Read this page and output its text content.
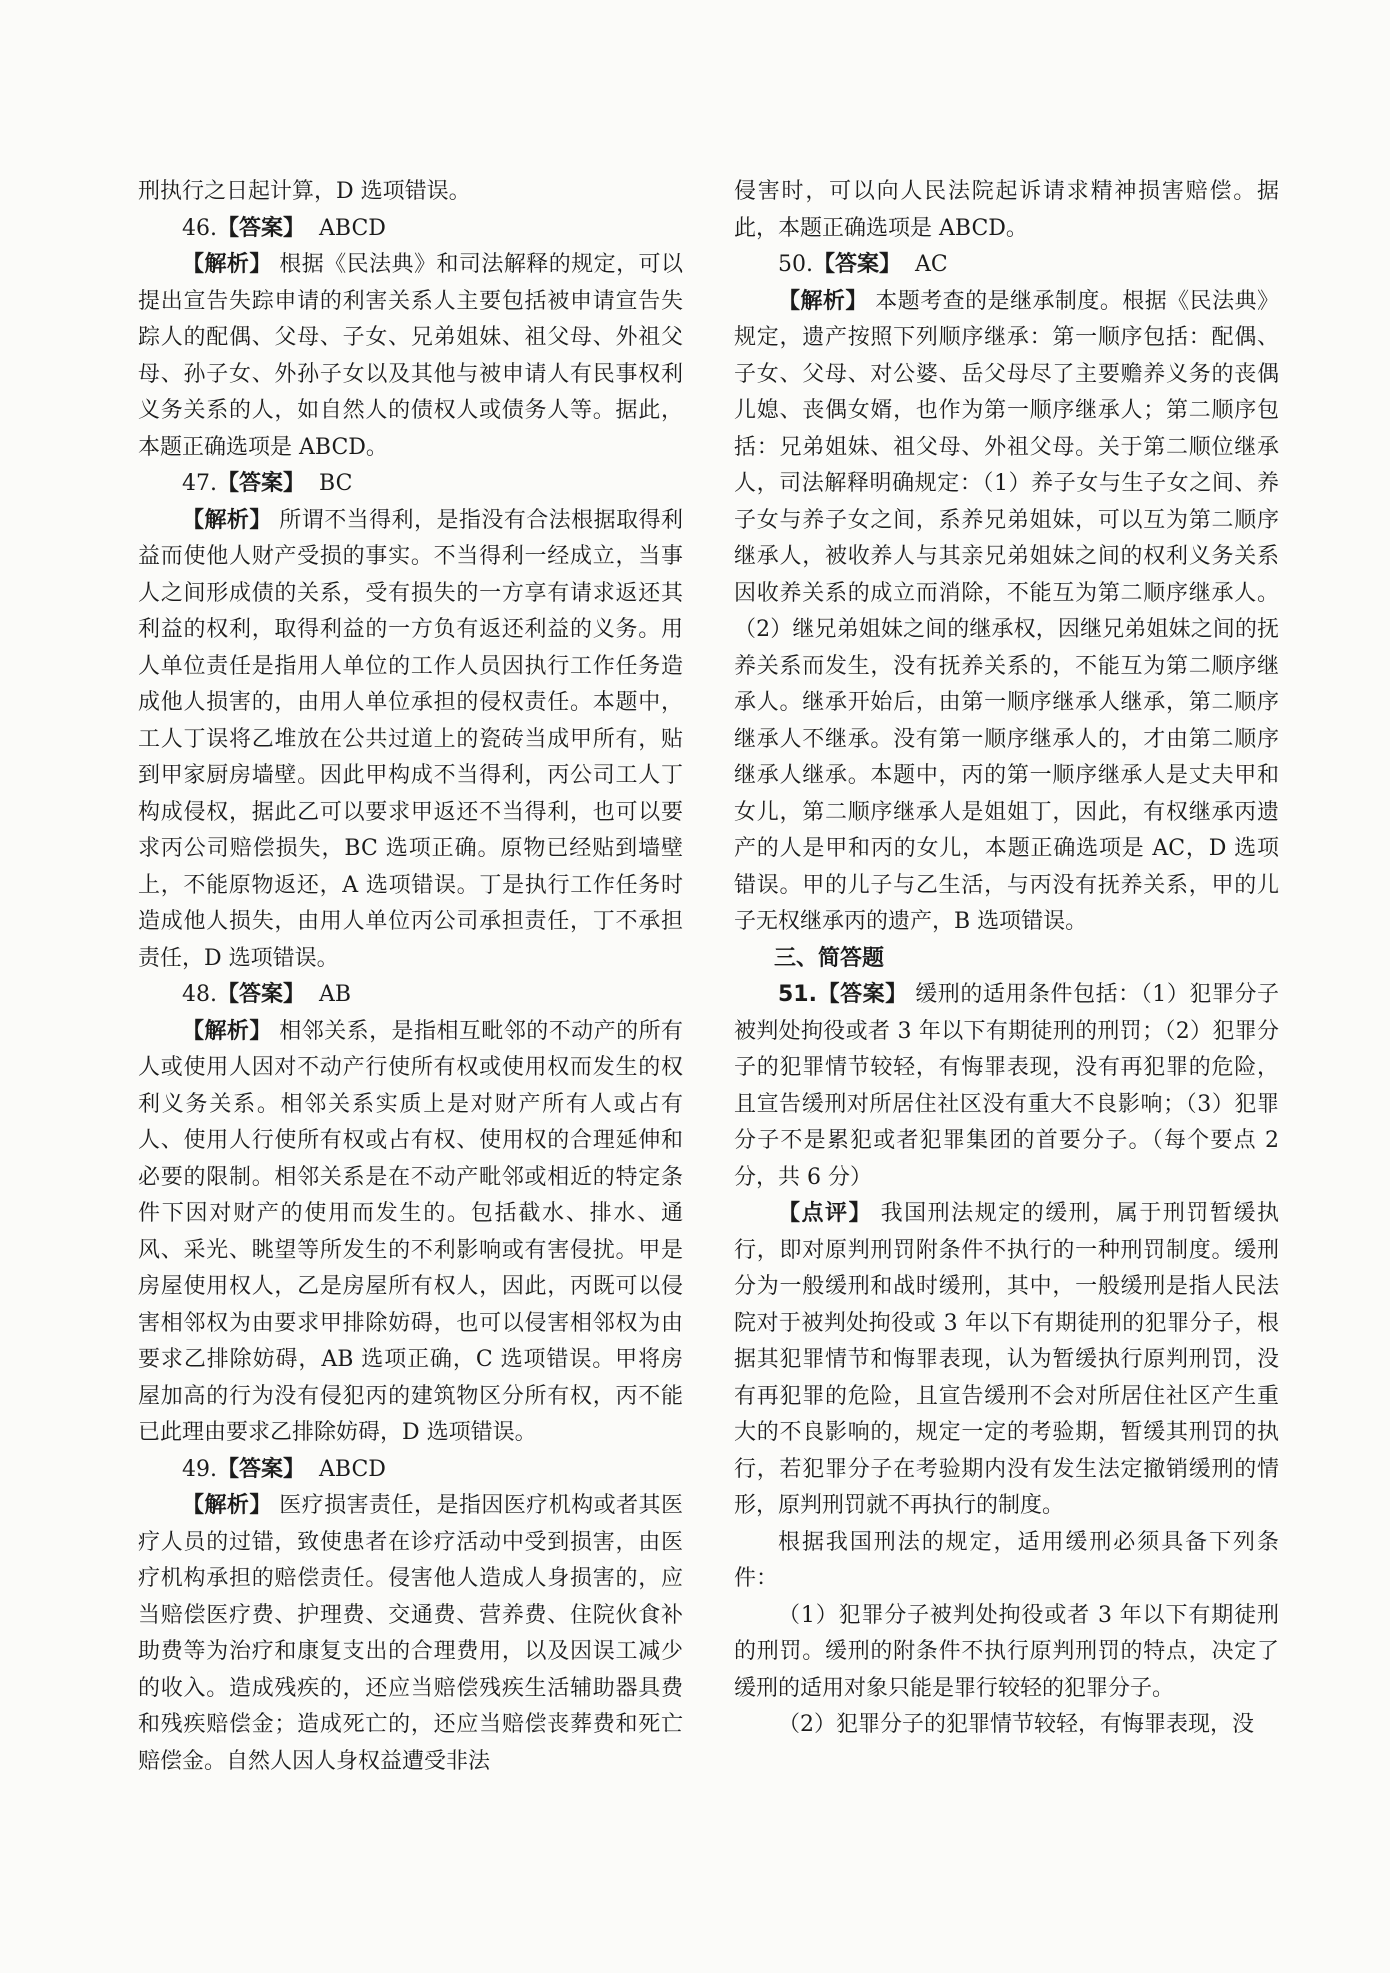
刑执行之日起计算，D 选项错误。

46.【答案】 ABCD

【解析】 根据《民法典》和司法解释的规定，可以提出宣告失踪申请的利害关系人主要包括被申请宣告失踪人的配偶、父母、子女、兄弟姐妹、祖父母、外祖父母、孙子女、外孙子女以及其他与被申请人有民事权利义务关系的人，如自然人的债权人或债务人等。据此，本题正确选项是 ABCD。

47.【答案】 BC

【解析】 所谓不当得利，是指没有合法根据取得利益而使他人财产受损的事实。不当得利一经成立，当事人之间形成债的关系，受有损失的一方享有请求返还其利益的权利，取得利益的一方负有返还利益的义务。用人单位责任是指用人单位的工作人员因执行工作任务造成他人损害的，由用人单位承担的侵权责任。本题中，工人丁误将乙堆放在公共过道上的瓷砖当成甲所有，贴到甲家厨房墙壁。因此甲构成不当得利，丙公司工人丁构成侵权，据此乙可以要求甲返还不当得利，也可以要求丙公司赔偿损失，BC 选项正确。原物已经贴到墙壁上，不能原物返还，A 选项错误。丁是执行工作任务时造成他人损失，由用人单位丙公司承担责任，丁不承担责任，D 选项错误。

48.【答案】 AB

【解析】 相邻关系，是指相互毗邻的不动产的所有人或使用人因对不动产行使所有权或使用权而发生的权利义务关系。相邻关系实质上是对财产所有人或占有人、使用人行使所有权或占有权、使用权的合理延伸和必要的限制。相邻关系是在不动产毗邻或相近的特定条件下因对财产的使用而发生的。包括截水、排水、通风、采光、眺望等所发生的不利影响或有害侵扰。甲是房屋使用权人，乙是房屋所有权人，因此，丙既可以侵害相邻权为由要求甲排除妨碍，也可以侵害相邻权为由要求乙排除妨碍，AB 选项正确，C 选项错误。甲将房屋加高的行为没有侵犯丙的建筑物区分所有权，丙不能已此理由要求乙排除妨碍，D 选项错误。

49.【答案】 ABCD

【解析】 医疗损害责任，是指因医疗机构或者其医疗人员的过错，致使患者在诊疗活动中受到损害，由医疗机构承担的赔偿责任。侵害他人造成人身损害的，应当赔偿医疗费、护理费、交通费、营养费、住院伙食补助费等为治疗和康复支出的合理费用，以及因误工减少的收入。造成残疾的，还应当赔偿残疾生活辅助器具费和残疾赔偿金；造成死亡的，还应当赔偿丧葬费和死亡赔偿金。自然人因人身权益遭受非法

侵害时，可以向人民法院起诉请求精神损害赔偿。据此，本题正确选项是 ABCD。

50.【答案】 AC

【解析】 本题考查的是继承制度。根据《民法典》规定，遗产按照下列顺序继承：第一顺序包括：配偶、子女、父母、对公婆、岳父母尽了主要赡养义务的丧偶儿媳、丧偶女婿，也作为第一顺序继承人；第二顺序包括：兄弟姐妹、祖父母、外祖父母。关于第二顺位继承人，司法解释明确规定：（1）养子女与生子女之间、养子女与养子女之间，系养兄弟姐妹，可以互为第二顺序继承人，被收养人与其亲兄弟姐妹之间的权利义务关系因收养关系的成立而消除，不能互为第二顺序继承人。（2）继兄弟姐妹之间的继承权，因继兄弟姐妹之间的抚养关系而发生，没有抚养关系的，不能互为第二顺序继承人。继承开始后，由第一顺序继承人继承，第二顺序继承人不继承。没有第一顺序继承人的，才由第二顺序继承人继承。本题中，丙的第一顺序继承人是丈夫甲和女儿，第二顺序继承人是姐姐丁，因此，有权继承丙遗产的人是甲和丙的女儿，本题正确选项是 AC，D 选项错误。甲的儿子与乙生活，与丙没有抚养关系，甲的儿子无权继承丙的遗产，B 选项错误。

三、简答题

51.【答案】 缓刑的适用条件包括：（1）犯罪分子被判处拘役或者 3 年以下有期徒刑的刑罚；（2）犯罪分子的犯罪情节较轻，有悔罪表现，没有再犯罪的危险，且宣告缓刑对所居住社区没有重大不良影响；（3）犯罪分子不是累犯或者犯罪集团的首要分子。（每个要点 2 分，共 6 分）

【点评】 我国刑法规定的缓刑，属于刑罚暂缓执行，即对原判刑罚附条件不执行的一种刑罚制度。缓刑分为一般缓刑和战时缓刑，其中，一般缓刑是指人民法院对于被判处拘役或 3 年以下有期徒刑的犯罪分子，根据其犯罪情节和悔罪表现，认为暂缓执行原判刑罚，没有再犯罪的危险，且宣告缓刑不会对所居住社区产生重大的不良影响的，规定一定的考验期，暂缓其刑罚的执行，若犯罪分子在考验期内没有发生法定撤销缓刑的情形，原判刑罚就不再执行的制度。

根据我国刑法的规定，适用缓刑必须具备下列条件：

（1）犯罪分子被判处拘役或者 3 年以下有期徒刑的刑罚。缓刑的附条件不执行原判刑罚的特点，决定了缓刑的适用对象只能是罪行较轻的犯罪分子。

（2）犯罪分子的犯罪情节较轻，有悔罪表现，没
